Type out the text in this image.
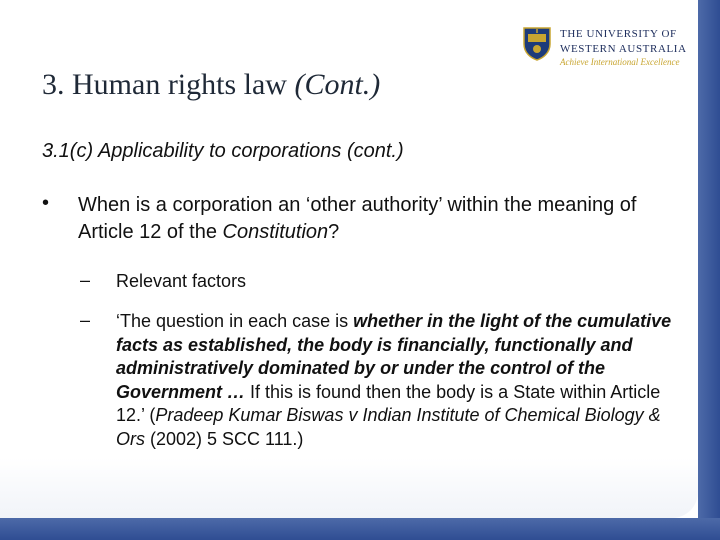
THE UNIVERSITY OF
WESTERN AUSTRALIA
Achieve International Excellence
3. Human rights law (Cont.)
3.1(c) Applicability to corporations (cont.)
• When is a corporation an ‘other authority’ within the meaning of Article 12 of the Constitution?
– Relevant factors
– ‘The question in each case is whether in the light of the cumulative facts as established, the body is financially, functionally and administratively dominated by or under the control of the Government … If this is found then the body is a State within Article 12.’ (Pradeep Kumar Biswas v Indian Institute of Chemical Biology & Ors (2002) 5 SCC 111.)
